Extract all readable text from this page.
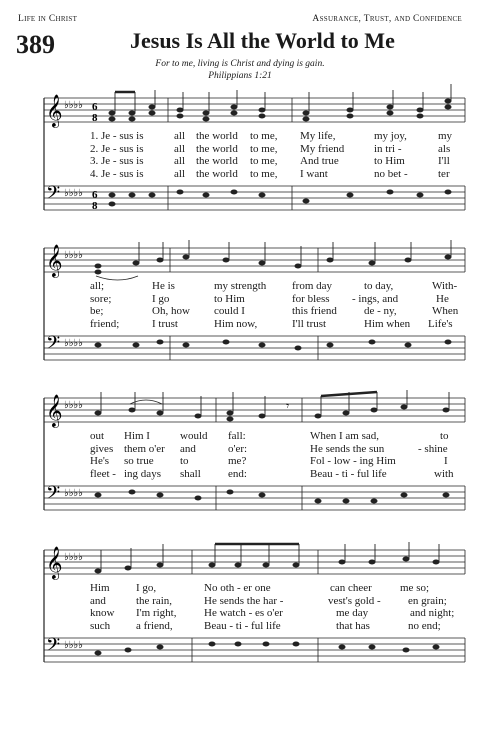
Life in Christ	Assurance, Trust, and Confidence
389	Jesus Is All the World to Me
For to me, living is Christ and dying is gain.
Philippians 1:21
𝄞
𝄢
♭♭♭♭
♭♭♭♭
6
8
6
8
1. Je - sus is	all the world to me, My life,	my joy,	my
2. Je - sus is	all the world to me, My friend	in tri -	als
3. Je - sus is	all the world to me, And true	to Him	I'll
4. Je - sus is	all the world to me, I want	no bet -	ter
𝄞
𝄢
♭♭♭♭
♭♭♭♭
all;	He is	my strength from day	to day,	With-
sore;	I go	to Him	for bless - ings, and	He
be;	Oh, how could I	this friend de - ny,	When
friend;	I trust	Him now,	I'll trust	Him when Life's
𝄞
𝄢
♭♭♭♭
♭♭♭♭
𝄾
out Him I	would fall:	When I am sad,	to
gives them o'er and	o'er:	He sends the sun	- shine
He's so true to	me?	Fol - low - ing Him	I
fleet - ing days shall end:	Beau - ti - ful life	with
𝄞
𝄢
♭♭♭♭
♭♭♭♭
Him I go,	No oth - er one	can cheer	me so;
and	the rain,	He sends the har -	vest's gold - en grain;
know I'm right,	He watch - es o'er	me day	and night;
such a friend,	Beau - ti - ful life	that has	no end;
